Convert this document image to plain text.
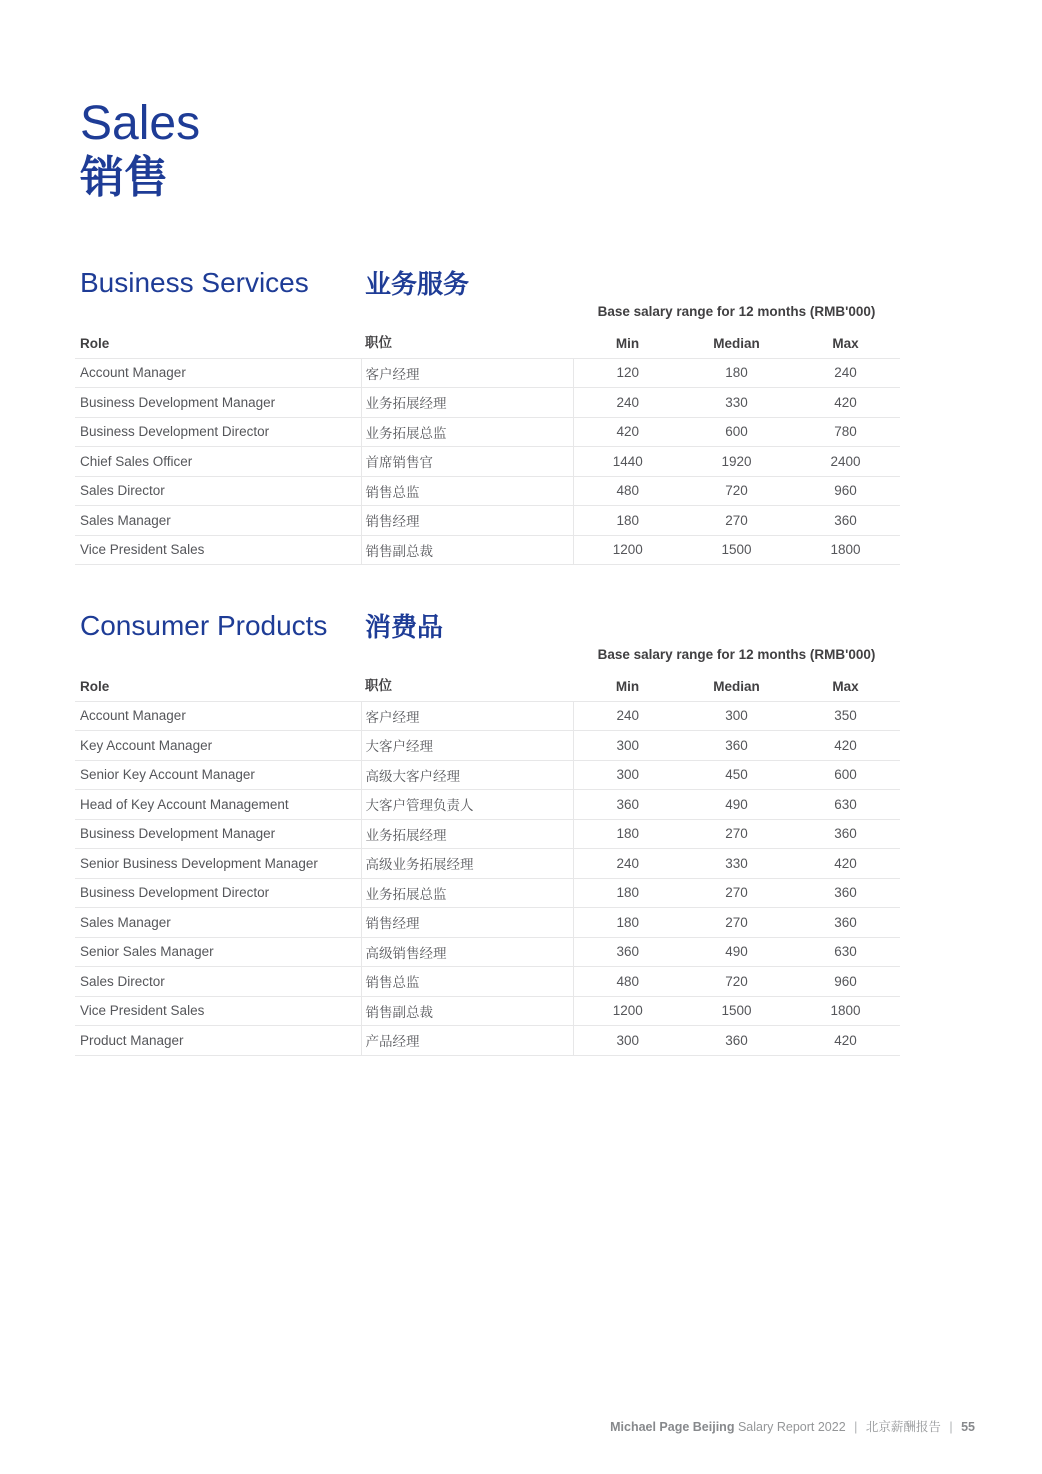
Sales
销售
Business Services 业务服务
Base salary range for 12 months (RMB'000)
Role	职位	Min	Median	Max
Account Manager	客户经理	120	180	240
Business Development Manager	业务拓展经理	240	330	420
Business Development Director	业务拓展总监	420	600	780
Chief Sales Officer	首席销售官	1440	1920	2400
Sales Director	销售总监	480	720	960
Sales Manager	销售经理	180	270	360
Vice President Sales	销售副总裁	1200	1500	1800
Consumer Products 消费品
Base salary range for 12 months (RMB'000)
Role	职位	Min	Median	Max
Account Manager	客户经理	240	300	350
Key Account Manager	大客户经理	300	360	420
Senior Key Account Manager	高级大客户经理	300	450	600
Head of Key Account Management	大客户管理负责人	360	490	630
Business Development Manager	业务拓展经理	180	270	360
Senior Business Development Manager	高级业务拓展经理	240	330	420
Business Development Director	业务拓展总监	180	270	360
Sales Manager	销售经理	180	270	360
Senior Sales Manager	高级销售经理	360	490	630
Sales Director	销售总监	480	720	960
Vice President Sales	销售副总裁	1200	1500	1800
Product Manager	产品经理	300	360	420
Michael Page Beijing Salary Report 2022 | 北京薪酬报告 | 55
